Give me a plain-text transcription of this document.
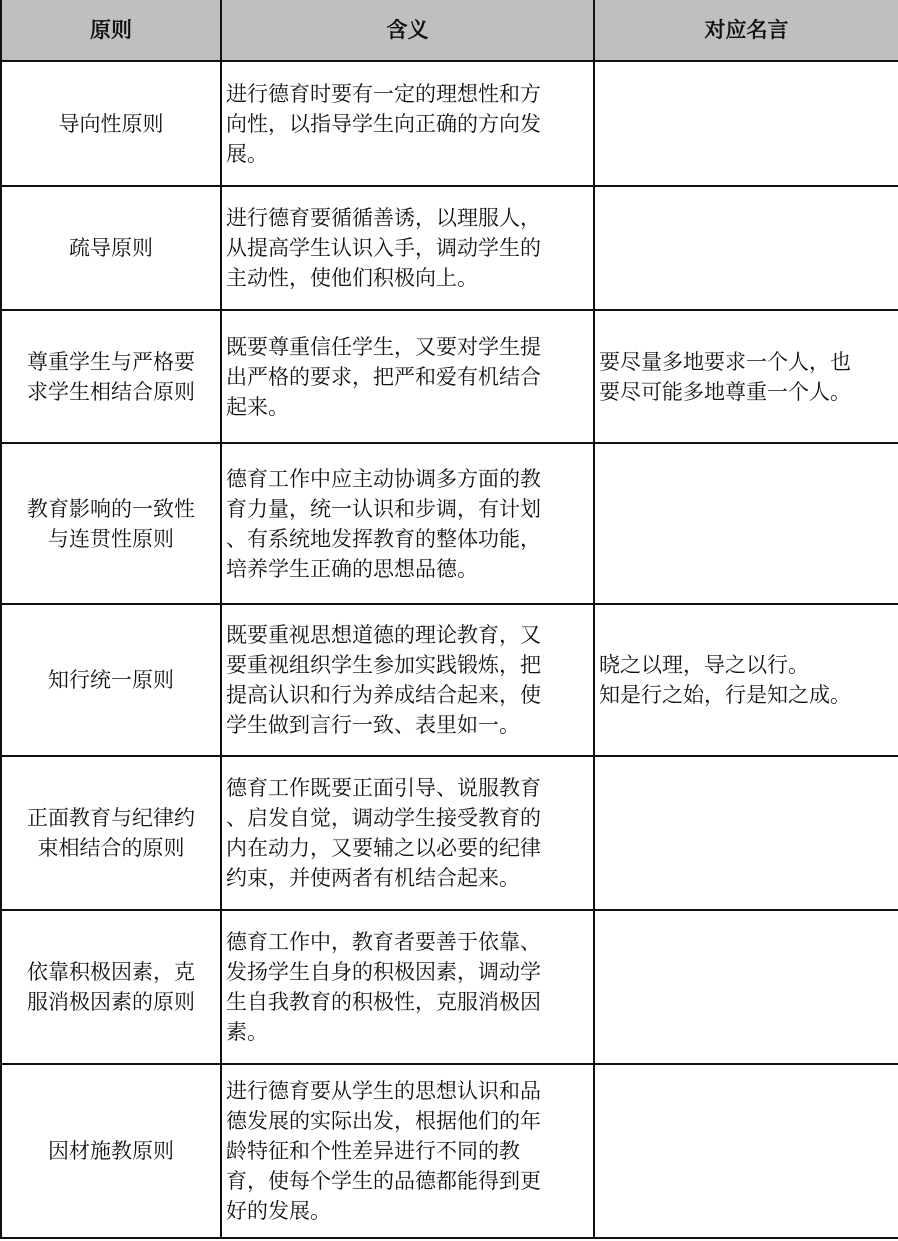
原则	含义	对应名言
导向性原则	进行德育时要有一定的理想性和方
向性，以指导学生向正确的方向发
展。	
疏导原则	进行德育要循循善诱，以理服人，
从提高学生认识入手，调动学生的
主动性，使他们积极向上。	
尊重学生与严格要
求学生相结合原则	既要尊重信任学生，又要对学生提
出严格的要求，把严和爱有机结合
起来。	要尽量多地要求一个人，也
要尽可能多地尊重一个人。
教育影响的一致性
与连贯性原则	德育工作中应主动协调多方面的教
育力量，统一认识和步调，有计划
、有系统地发挥教育的整体功能，
培养学生正确的思想品德。	
知行统一原则	既要重视思想道德的理论教育，又
要重视组织学生参加实践锻炼，把
提高认识和行为养成结合起来，使
学生做到言行一致、表里如一。	晓之以理，导之以行。
知是行之始，行是知之成。
正面教育与纪律约
束相结合的原则	德育工作既要正面引导、说服教育
、启发自觉，调动学生接受教育的
内在动力，又要辅之以必要的纪律
约束，并使两者有机结合起来。	
依靠积极因素，克
服消极因素的原则	德育工作中，教育者要善于依靠、
发扬学生自身的积极因素，调动学
生自我教育的积极性，克服消极因
素。	
因材施教原则	进行德育要从学生的思想认识和品
德发展的实际出发，根据他们的年
龄特征和个性差异进行不同的教
育，使每个学生的品德都能得到更
好的发展。	
